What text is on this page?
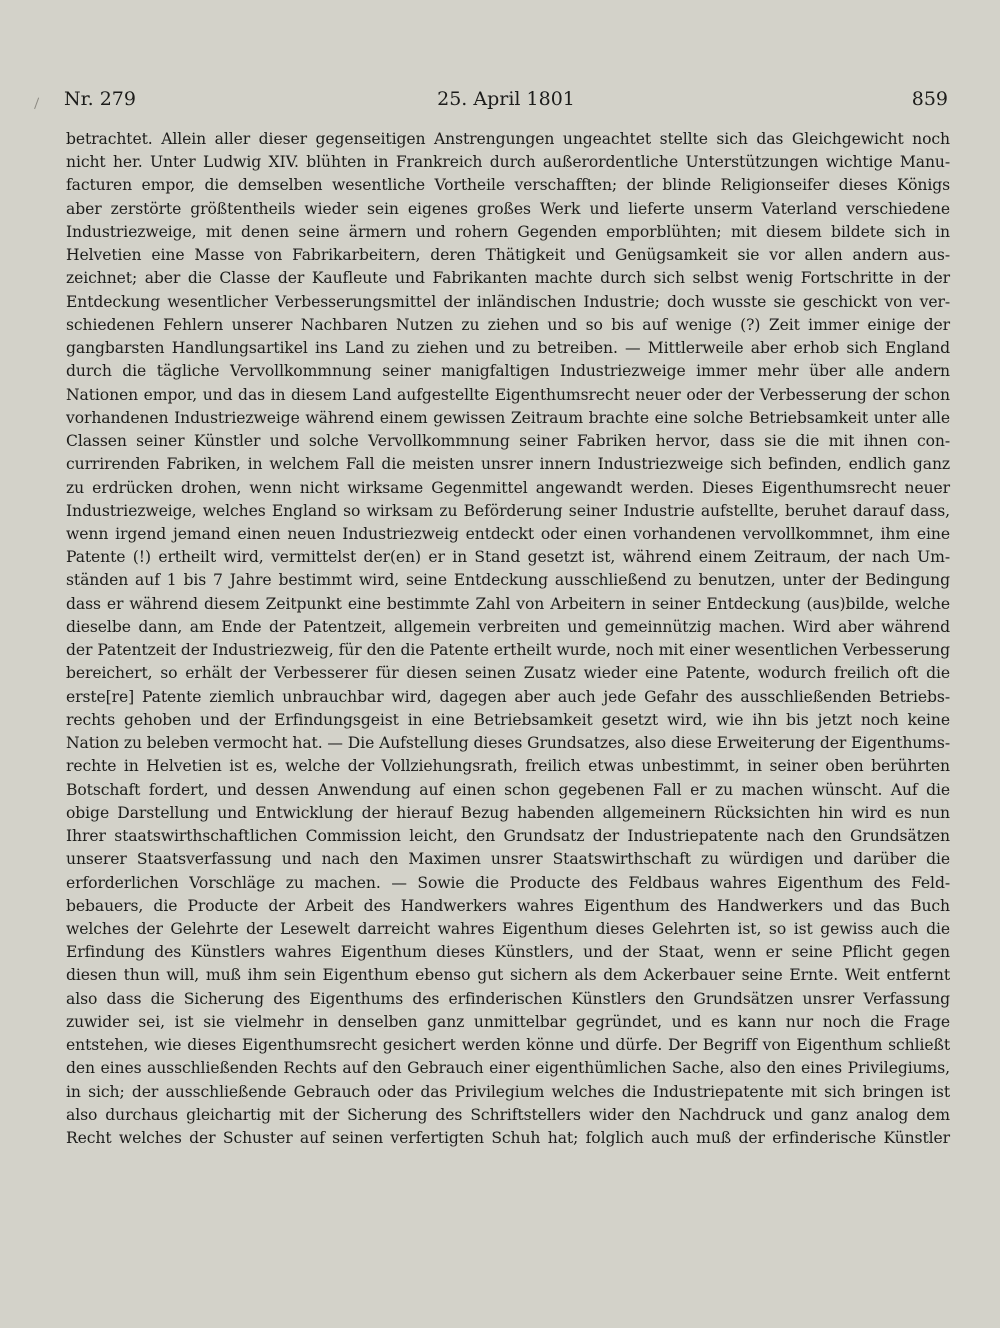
Nr. 279	25. April 1801	859
betrachtet. Allein aller dieser gegenseitigen Anstrengungen ungeachtet stellte sich das Gleichgewicht noch
nicht her. Unter Ludwig XIV. blühten in Frankreich durch außerordentliche Unterstützungen wichtige Manu-
facturen empor, die demselben wesentliche Vortheile verschafften; der blinde Religionseifer dieses Königs
aber zerstörte größtentheils wieder sein eigenes großes Werk und lieferte unserm Vaterland verschiedene
Industriezweige, mit denen seine ärmern und rohern Gegenden emporblühten; mit diesem bildete sich in
Helvetien eine Masse von Fabrikarbeitern, deren Thätigkeit und Genügsamkeit sie vor allen andern aus-
zeichnet; aber die Classe der Kaufleute und Fabrikanten machte durch sich selbst wenig Fortschritte in der
Entdeckung wesentlicher Verbesserungsmittel der inländischen Industrie; doch wusste sie geschickt von ver-
schiedenen Fehlern unserer Nachbaren Nutzen zu ziehen und so bis auf wenige (?) Zeit immer einige der
gangbarsten Handlungsartikel ins Land zu ziehen und zu betreiben. — Mittlerweile aber erhob sich England
durch die tägliche Vervollkommnung seiner manigfaltigen Industriezweige immer mehr über alle andern
Nationen empor, und das in diesem Land aufgestellte Eigenthumsrecht neuer oder der Verbesserung der schon
vorhandenen Industriezweige während einem gewissen Zeitraum brachte eine solche Betriebsamkeit unter alle
Classen seiner Künstler und solche Vervollkommnung seiner Fabriken hervor, dass sie die mit ihnen con-
currirenden Fabriken, in welchem Fall die meisten unsrer innern Industriezweige sich befinden, endlich ganz
zu erdrücken drohen, wenn nicht wirksame Gegenmittel angewandt werden. Dieses Eigenthumsrecht neuer
Industriezweige, welches England so wirksam zu Beförderung seiner Industrie aufstellte, beruhet darauf dass,
wenn irgend jemand einen neuen Industriezweig entdeckt oder einen vorhandenen vervollkommnet, ihm eine
Patente (!) ertheilt wird, vermittelst der(en) er in Stand gesetzt ist, während einem Zeitraum, der nach Um-
ständen auf 1 bis 7 Jahre bestimmt wird, seine Entdeckung ausschließend zu benutzen, unter der Bedingung
dass er während diesem Zeitpunkt eine bestimmte Zahl von Arbeitern in seiner Entdeckung (aus)bilde, welche
dieselbe dann, am Ende der Patentzeit, allgemein verbreiten und gemeinnützig machen. Wird aber während
der Patentzeit der Industriezweig, für den die Patente ertheilt wurde, noch mit einer wesentlichen Verbesserung
bereichert, so erhält der Verbesserer für diesen seinen Zusatz wieder eine Patente, wodurch freilich oft die
erste[re] Patente ziemlich unbrauchbar wird, dagegen aber auch jede Gefahr des ausschließenden Betriebs-
rechts gehoben und der Erfindungsgeist in eine Betriebsamkeit gesetzt wird, wie ihn bis jetzt noch keine
Nation zu beleben vermocht hat. — Die Aufstellung dieses Grundsatzes, also diese Erweiterung der Eigenthums-
rechte in Helvetien ist es, welche der Vollziehungsrath, freilich etwas unbestimmt, in seiner oben berührten
Botschaft fordert, und dessen Anwendung auf einen schon gegebenen Fall er zu machen wünscht. Auf die
obige Darstellung und Entwicklung der hierauf Bezug habenden allgemeinern Rücksichten hin wird es nun
Ihrer staatswirthschaftlichen Commission leicht, den Grundsatz der Industriepatente nach den Grundsätzen
unserer Staatsverfassung und nach den Maximen unsrer Staatswirthschaft zu würdigen und darüber die
erforderlichen Vorschläge zu machen. — Sowie die Producte des Feldbaus wahres Eigenthum des Feld-
bebauers, die Producte der Arbeit des Handwerkers wahres Eigenthum des Handwerkers und das Buch
welches der Gelehrte der Lesewelt darreicht wahres Eigenthum dieses Gelehrten ist, so ist gewiss auch die
Erfindung des Künstlers wahres Eigenthum dieses Künstlers, und der Staat, wenn er seine Pflicht gegen
diesen thun will, muß ihm sein Eigenthum ebenso gut sichern als dem Ackerbauer seine Ernte. Weit entfernt
also dass die Sicherung des Eigenthums des erfinderischen Künstlers den Grundsätzen unsrer Verfassung
zuwider sei, ist sie vielmehr in denselben ganz unmittelbar gegründet, und es kann nur noch die Frage
entstehen, wie dieses Eigenthumsrecht gesichert werden könne und dürfe. Der Begriff von Eigenthum schließt
den eines ausschließenden Rechts auf den Gebrauch einer eigenthümlichen Sache, also den eines Privilegiums,
in sich; der ausschließende Gebrauch oder das Privilegium welches die Industriepatente mit sich bringen ist
also durchaus gleichartig mit der Sicherung des Schriftstellers wider den Nachdruck und ganz analog dem
Recht welches der Schuster auf seinen verfertigten Schuh hat; folglich auch muß der erfinderische Künstler
